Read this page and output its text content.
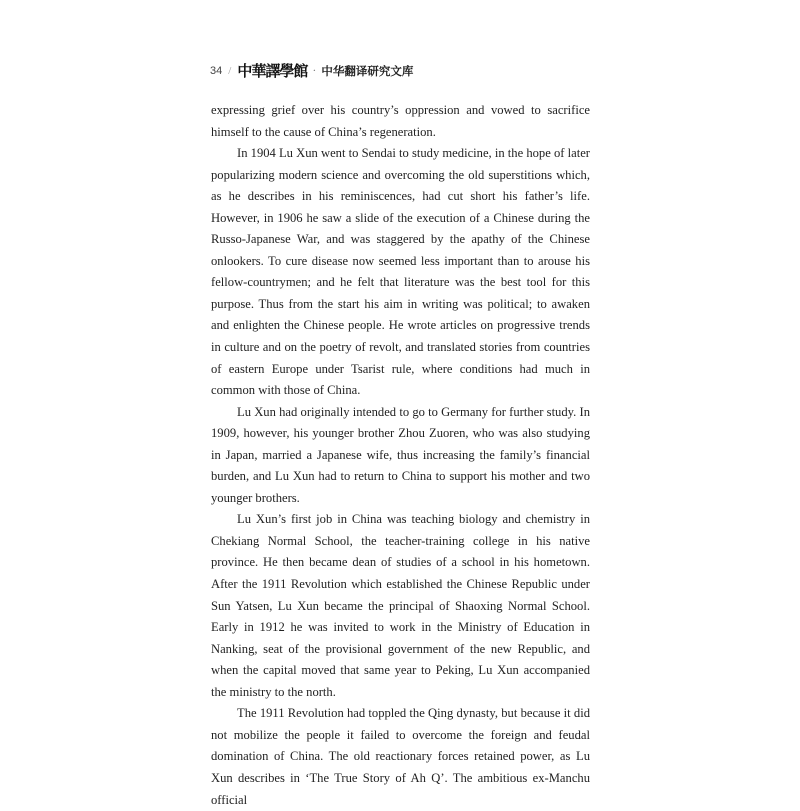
34 / 中華譯學館 · 中华翻译研究文库

expressing grief over his country’s oppression and vowed to sacrifice himself to the cause of China’s regeneration.

In 1904 Lu Xun went to Sendai to study medicine, in the hope of later popularizing modern science and overcoming the old superstitions which, as he describes in his reminiscences, had cut short his father’s life. However, in 1906 he saw a slide of the execution of a Chinese during the Russo-Japanese War, and was staggered by the apathy of the Chinese onlookers. To cure disease now seemed less important than to arouse his fellow-countrymen; and he felt that literature was the best tool for this purpose. Thus from the start his aim in writing was political; to awaken and enlighten the Chinese people. He wrote articles on progressive trends in culture and on the poetry of revolt, and translated stories from countries of eastern Europe under Tsarist rule, where conditions had much in common with those of China.

Lu Xun had originally intended to go to Germany for further study. In 1909, however, his younger brother Zhou Zuoren, who was also studying in Japan, married a Japanese wife, thus increasing the family’s financial burden, and Lu Xun had to return to China to support his mother and two younger brothers.

Lu Xun’s first job in China was teaching biology and chemistry in Chekiang Normal School, the teacher-training college in his native province. He then became dean of studies of a school in his hometown. After the 1911 Revolution which established the Chinese Republic under Sun Yatsen, Lu Xun became the principal of Shaoxing Normal School. Early in 1912 he was invited to work in the Ministry of Education in Nanking, seat of the provisional government of the new Republic, and when the capital moved that same year to Peking, Lu Xun accompanied the ministry to the north.

The 1911 Revolution had toppled the Qing dynasty, but because it did not mobilize the people it failed to overcome the foreign and feudal domination of China. The old reactionary forces retained power, as Lu Xun describes in ‘The True Story of Ah Q’. The ambitious ex-Manchu official
